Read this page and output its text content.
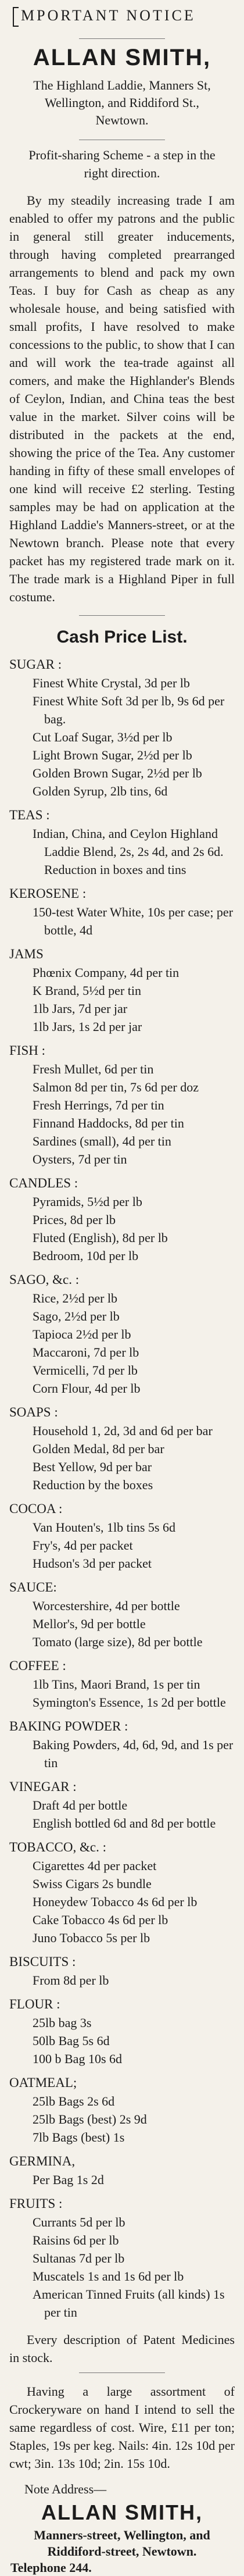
MPORTANT NOTICE
ALLAN SMITH,
The Highland Laddie, Manners St,
Wellington, and Riddiford St.,
Newtown.

Profit-sharing Scheme - a step in the right direction.

By my steadily increasing trade I am enabled to offer my patrons and the public in general still greater inducements, through having completed prearranged arrangements to blend and pack my own Teas. I buy for Cash as cheap as any wholesale house, and being satisfied with small profits, I have resolved to make concessions to the public, to show that I can and will work the tea-trade against all comers, and make the Highlander's Blends of Ceylon, Indian, and China teas the best value in the market. Silver coins will be distributed in the packets at the end, showing the price of the Tea. Any customer handing in fifty of these small envelopes of one kind will receive £2 sterling. Testing samples may be had on application at the Highland Laddie's Manners-street, or at the Newtown branch. Please note that every packet has my registered trade mark on it. The trade mark is a Highland Piper in full costume.

Cash Price List.
SUGAR :
Finest White Crystal, 3d per lb
Finest White Soft 3d per lb, 9s 6d per bag.
Cut Loaf Sugar, 3½d per lb
Light Brown Sugar, 2½d per lb
Golden Brown Sugar, 2½d per lb
Golden Syrup, 2lb tins, 6d
TEAS :
Indian, China, and Ceylon Highland Laddie Blend, 2s, 2s 4d, and 2s 6d. Reduction in boxes and tins
KEROSENE :
150-test Water White, 10s per case; per bottle, 4d
JAMS
Phœnix Company, 4d per tin
K Brand, 5½d per tin
1lb Jars, 7d per jar
1lb Jars, 1s 2d per jar
FISH :
Fresh Mullet, 6d per tin
Salmon 8d per tin, 7s 6d per doz
Fresh Herrings, 7d per tin
Finnand Haddocks, 8d per tin
Sardines (small), 4d per tin
Oysters, 7d per tin
CANDLES :
Pyramids, 5½d per lb
Prices, 8d per lb
Fluted (English), 8d per lb
Bedroom, 10d per lb
SAGO, &c. :
Rice, 2½d per lb
Sago, 2½d per lb
Tapioca 2½d per lb
Maccaroni, 7d per lb
Vermicelli, 7d per lb
Corn Flour, 4d per lb
SOAPS :
Household 1, 2d, 3d and 6d per bar
Golden Medal, 8d per bar
Best Yellow, 9d per bar
Reduction by the boxes
COCOA :
Van Houten's, 1lb tins 5s 6d
Fry's, 4d per packet
Hudson's 3d per packet
SAUCE:
Worcestershire, 4d per bottle
Mellor's, 9d per bottle
Tomato (large size), 8d per bottle
COFFEE :
1lb Tins, Maori Brand, 1s per tin
Symington's Essence, 1s 2d per bottle
BAKING POWDER :
Baking Powders, 4d, 6d, 9d, and 1s per tin
VINEGAR :
Draft 4d per bottle
English bottled 6d and 8d per bottle
TOBACCO, &c. :
Cigarettes 4d per packet
Swiss Cigars 2s bundle
Honeydew Tobacco 4s 6d per lb
Cake Tobacco 4s 6d per lb
Juno Tobacco 5s per lb
BISCUITS :
From 8d per lb
FLOUR :
25lb bag 3s
50lb Bag 5s 6d
100 b Bag 10s 6d
OATMEAL;
25lb Bags 2s 6d
25lb Bags (best) 2s 9d
7lb Bags (best) 1s
GERMINA,
Per Bag 1s 2d
FRUITS :
Currants 5d per lb
Raisins 6d per lb
Sultanas 7d per lb
Muscatels 1s and 1s 6d per lb
American Tinned Fruits (all kinds) 1s per tin

Every description of Patent Medicines in stock.

Having a large assortment of Crockeryware on hand I intend to sell the same regardless of cost. Wire, £11 per ton; Staples, 19s per keg. Nails: 4in. 12s 10d per cwt; 3in. 13s 10d; 2in. 15s 10d.

Note Address—
ALLAN SMITH,
Manners-street, Wellington, and
Riddiford-street, Newtown.
Telephone 244.
